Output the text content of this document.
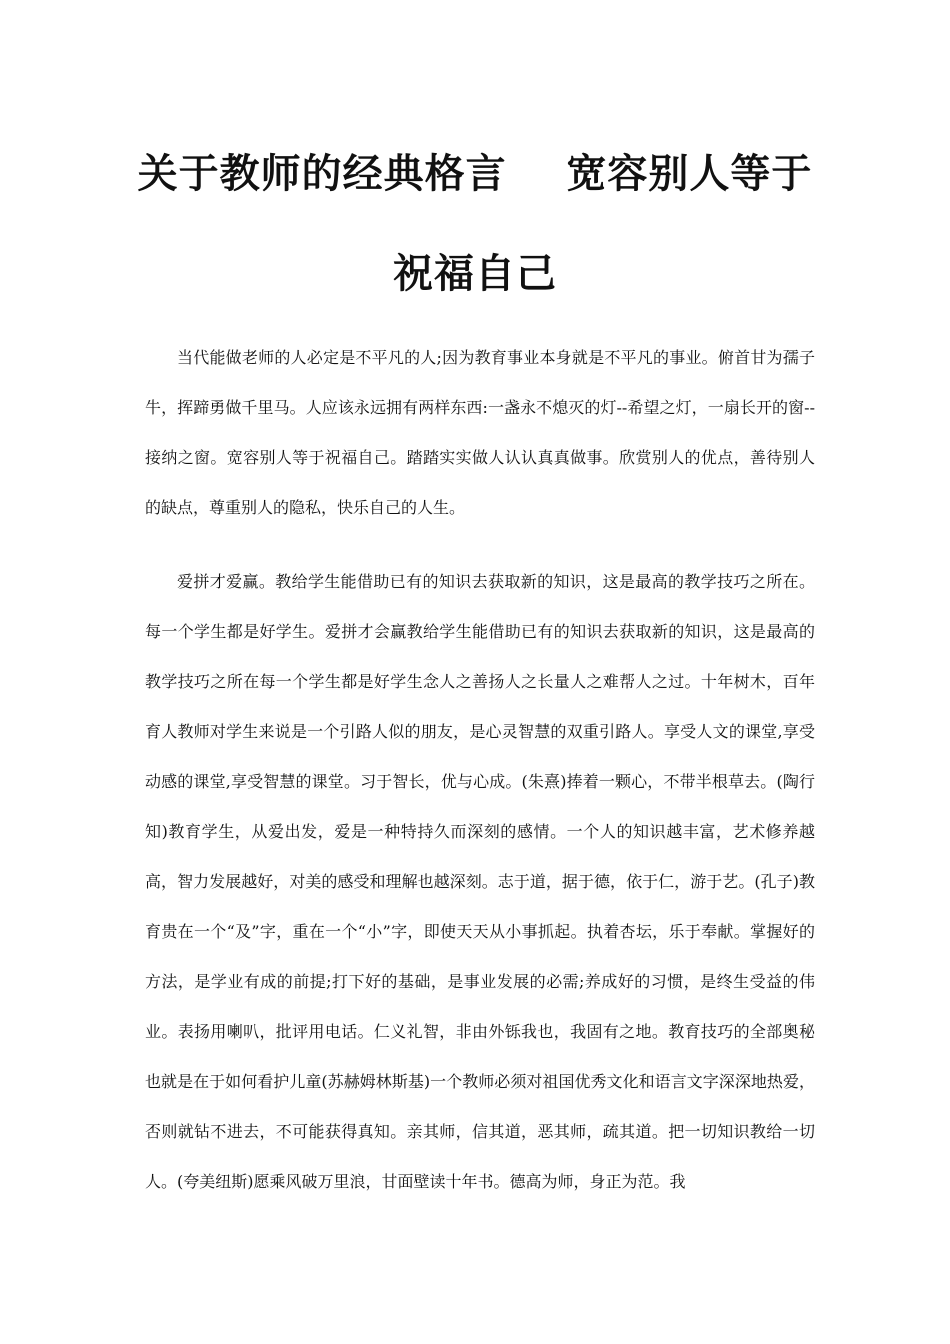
关于教师的经典格言    宽容别人等于
祝福自己

当代能做老师的人必定是不平凡的人;因为教育事业本身就是不平凡的事业。俯首甘为孺子牛，挥蹄勇做千里马。人应该永远拥有两样东西:一盏永不熄灭的灯--希望之灯，一扇长开的窗--接纳之窗。宽容别人等于祝福自己。踏踏实实做人认认真真做事。欣赏别人的优点，善待别人的缺点，尊重别人的隐私，快乐自己的人生。

爱拼才爱赢。教给学生能借助已有的知识去获取新的知识，这是最高的教学技巧之所在。每一个学生都是好学生。爱拼才会赢教给学生能借助已有的知识去获取新的知识，这是最高的教学技巧之所在每一个学生都是好学生念人之善扬人之长量人之难帮人之过。十年树木，百年育人教师对学生来说是一个引路人似的朋友，是心灵智慧的双重引路人。享受人文的课堂,享受动感的课堂,享受智慧的课堂。习于智长，优与心成。(朱熹)捧着一颗心，不带半根草去。(陶行知)教育学生，从爱出发，爱是一种特持久而深刻的感情。一个人的知识越丰富，艺术修养越高，智力发展越好，对美的感受和理解也越深刻。志于道，据于德，依于仁，游于艺。(孔子)教育贵在一个“及”字，重在一个“小”字，即使天天从小事抓起。执着杏坛，乐于奉献。掌握好的方法，是学业有成的前提;打下好的基础，是事业发展的必需;养成好的习惯，是终生受益的伟业。表扬用喇叭，批评用电话。仁义礼智，非由外铄我也，我固有之地。教育技巧的全部奥秘也就是在于如何看护儿童(苏赫姆林斯基)一个教师必须对祖国优秀文化和语言文字深深地热爱，否则就钻不进去，不可能获得真知。亲其师，信其道，恶其师，疏其道。把一切知识教给一切人。(夸美纽斯)愿乘风破万里浪，甘面壁读十年书。德高为师，身正为范。我
